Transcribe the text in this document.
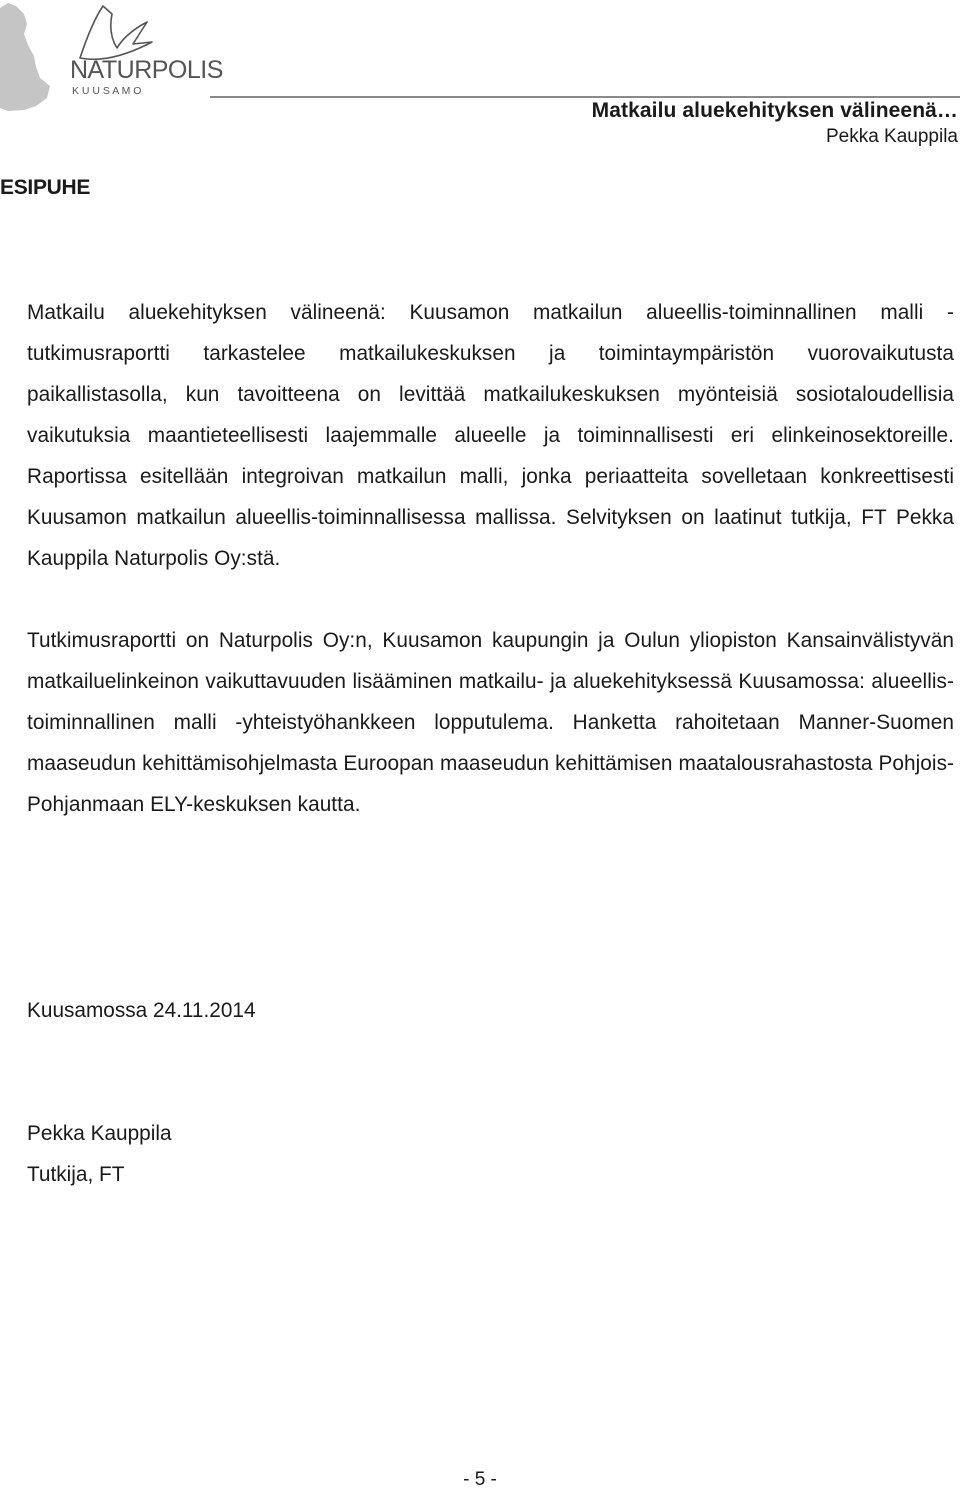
NATURPOLIS
K U U S A M O
Matkailu aluekehityksen välineenä…
Pekka Kauppila
ESIPUHE

Matkailu aluekehityksen välineenä: Kuusamon matkailun alueellis-toiminnallinen malli -tutkimusraportti tarkastelee matkailukeskuksen ja toimintaympäristön vuorovaikutusta paikallistasolla, kun tavoitteena on levittää matkailukeskuksen myönteisiä sosiotaloudellisia vaikutuksia maantieteellisesti laajemmalle alueelle ja toiminnallisesti eri elinkeinosektoreille. Raportissa esitellään integroivan matkailun malli, jonka periaatteita sovelletaan konkreettisesti Kuusamon matkailun alueellis-toiminnallisessa mallissa. Selvityksen on laatinut tutkija, FT Pekka Kauppila Naturpolis Oy:stä.

Tutkimusraportti on Naturpolis Oy:n, Kuusamon kaupungin ja Oulun yliopiston Kansainvälistyvän matkailuelinkeinon vaikuttavuuden lisääminen matkailu- ja aluekehityksessä Kuusamossa: alueellis-toiminnallinen malli -yhteistyöhankkeen lopputulema. Hanketta rahoitetaan Manner-Suomen maaseudun kehittämisohjelmasta Euroopan maaseudun kehittämisen maatalousrahastosta Pohjois-Pohjanmaan ELY-keskuksen kautta.

Kuusamossa 24.11.2014
Pekka Kauppila
Tutkija, FT
- 5 -
